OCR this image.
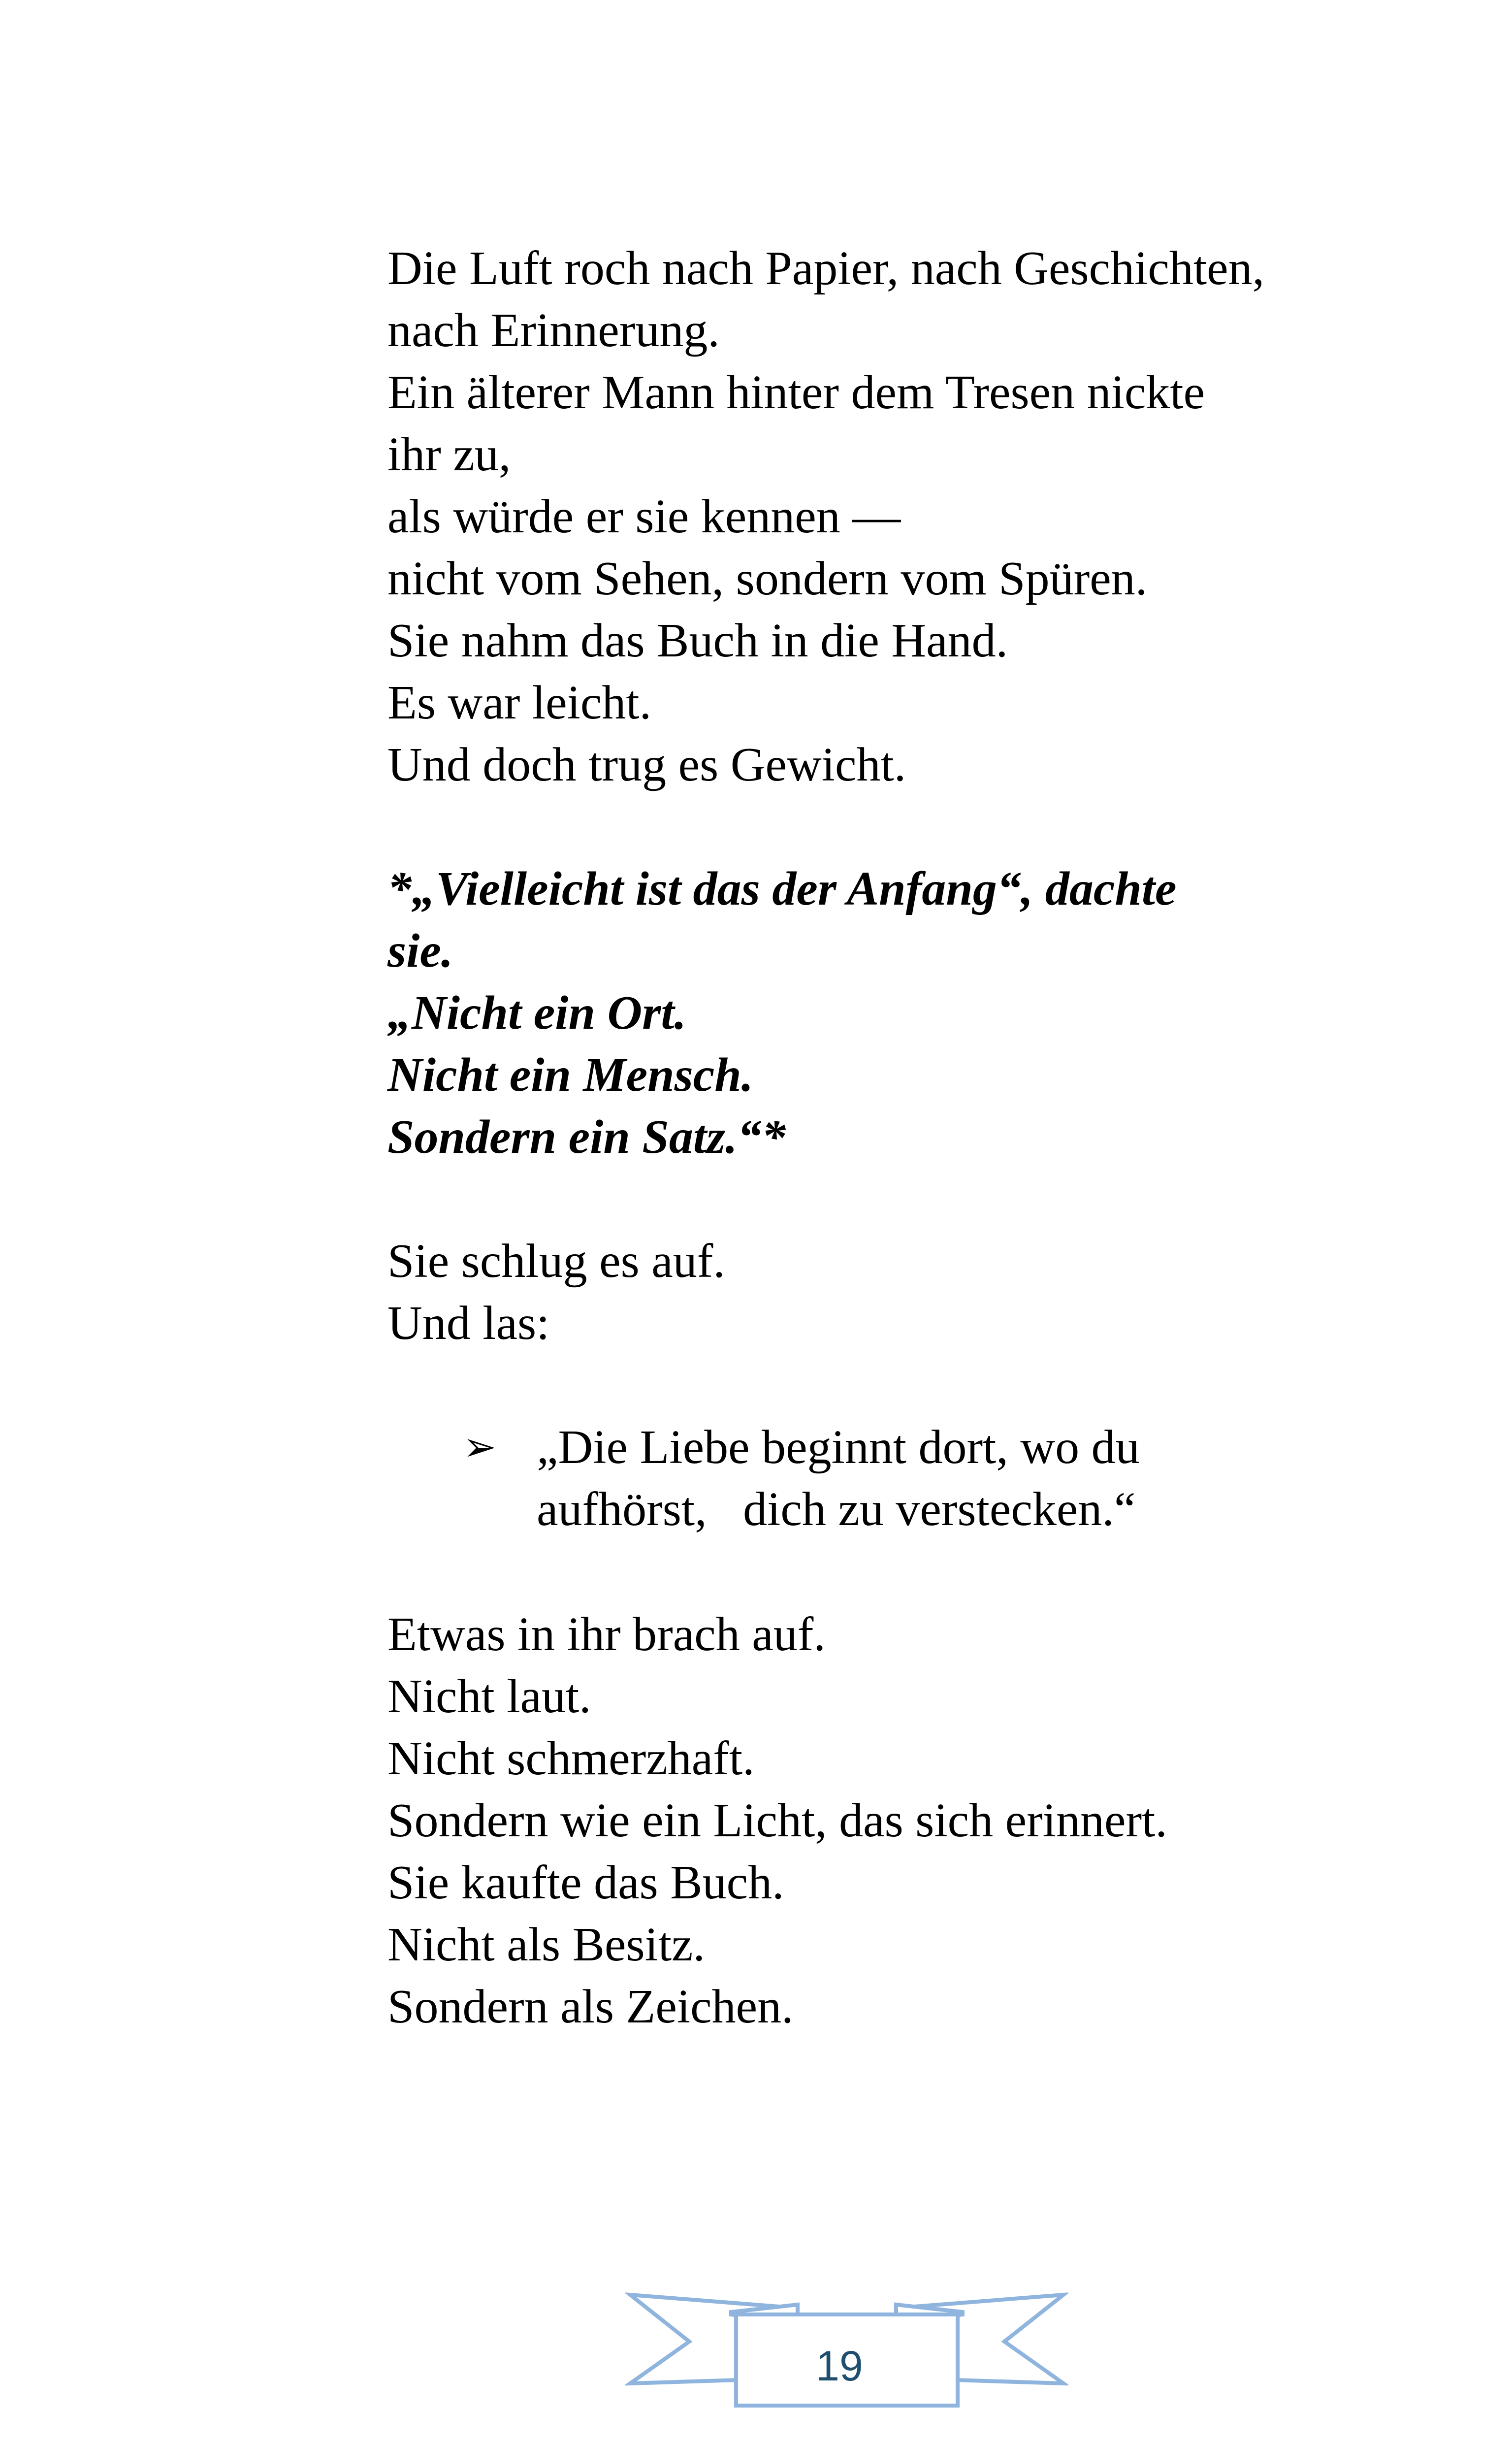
Die Luft roch nach Papier, nach Geschichten,
nach Erinnerung.
Ein älterer Mann hinter dem Tresen nickte
ihr zu,
als würde er sie kennen —
nicht vom Sehen, sondern vom Spüren.
Sie nahm das Buch in die Hand.
Es war leicht.
Und doch trug es Gewicht.
*„Vielleicht ist das der Anfang“, dachte
sie.
„Nicht ein Ort.
Nicht ein Mensch.
Sondern ein Satz.“*
Sie schlug es auf.
Und las:
Etwas in ihr brach auf.
Nicht laut.
Nicht schmerzhaft.
Sondern wie ein Licht, das sich erinnert.
Sie kaufte das Buch.
Nicht als Besitz.
Sondern als Zeichen.
➢ „Die Liebe beginnt dort, wo du
aufhörst,   dich zu verstecken.“
19
